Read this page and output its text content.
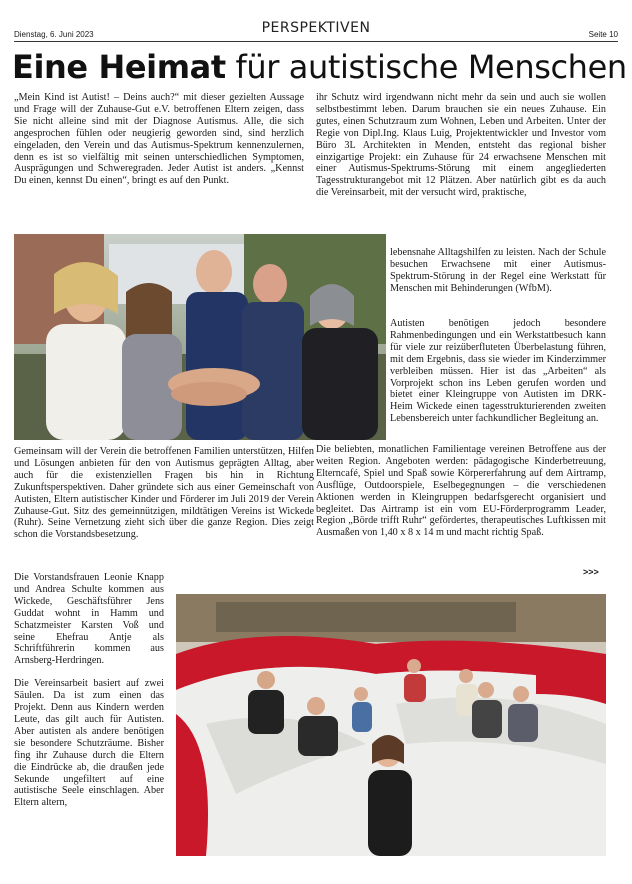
Dienstag, 6. Juni 2023	PERSPEKTIVEN	Seite 10
Eine Heimat für autistische Menschen
„Mein Kind ist Autist! – Deins auch?“ mit dieser gezielten Aussage und Frage will der Zuhause-Gut e.V. betroffenen Eltern zeigen, dass Sie nicht alleine sind mit der Diagnose Autismus. Alle, die sich angesprochen fühlen oder neugierig geworden sind, sind herzlich eingeladen, den Verein und das Autismus-Spektrum kennenzulernen, denn es ist so vielfältig mit seinen unterschiedlichen Symptomen, Ausprägungen und Schweregraden. Jeder Autist ist anders. „Kennst Du einen, kennst Du einen“, bringt es auf den Punkt.
ihr Schutz wird irgendwann nicht mehr da sein und auch sie wollen selbstbestimmt leben. Darum brauchen sie ein neues Zuhause. Ein gutes, einen Schutzraum zum Wohnen, Leben und Arbeiten. Unter der Regie von Dipl.Ing. Klaus Luig, Projektentwickler und Investor vom Büro 3L Architekten in Menden, entsteht das regional bisher einzigartige Projekt: ein Zuhause für 24 erwachsene Menschen mit einer Autismus-Spektrums-Störung mit einem angegliederten Tagesstrukturangebot mit 12 Plätzen. Aber natürlich gibt es da auch die Vereinsarbeit, mit der versucht wird, praktische,
lebensnahe Alltagshilfen zu leisten. Nach der Schule besuchen Erwachsene mit einer Autismus-Spektrum-Störung in der Regel eine Werkstatt für Menschen mit Behinderungen (WfbM).
Autisten benötigen jedoch besondere Rahmenbedingungen und ein Werkstattbesuch kann für viele zur reizüberfluteten Überbelastung führen, mit dem Ergebnis, dass sie wieder im Kinderzimmer verbleiben müssen. Hier ist das „Arbeiten“ als Vorprojekt schon ins Leben gerufen worden und bietet einer Kleingruppe von Autisten im DRK-Heim Wickede einen tagesstrukturierenden zweiten Lebensbereich unter fachkundlicher Begleitung an.
Die beliebten, monatlichen Familientage vereinen Betroffene aus der weiten Region. Angeboten werden: pädagogische Kinderbetreuung, Elterncafé, Spiel und Spaß sowie Körpererfahrung auf dem Airtramp, Ausflüge, Outdoorspiele, Eselbegegnungen – die verschiedenen Aktionen werden in Kleingruppen bedarfsgerecht organisiert und begleitet. Das Airtramp ist ein vom EU-Förderprogramm Leader, Region „Börde trifft Ruhr“ gefördertes, therapeutisches Luftkissen mit Ausmaßen von 1,40 x 8 x 14 m und macht richtig Spaß.
Gemeinsam will der Verein die betroffenen Familien unterstützen, Hilfen und Lösungen anbieten für den von Autismus geprägten Alltag, aber auch für die existenziellen Fragen bis hin in Richtung Zukunftsperspektiven. Daher gründete sich aus einer Gemeinschaft von Autisten, Eltern autistischer Kinder und Förderer im Juli 2019 der Verein Zuhause-Gut. Sitz des gemeinnützigen, mildtätigen Vereins ist Wickede (Ruhr). Seine Vernetzung zieht sich über die ganze Region. Dies zeigt schon die Vorstandsbesetzung.

Die Vorstandsfrauen Leonie Knapp und Andrea Schulte kommen aus Wickede, Geschäftsführer Jens Guddat wohnt in Hamm und Schatzmeister Karsten Voß und seine Ehefrau Antje als Schriftführerin kommen aus Arnsberg-Herdringen.

Die Vereinsarbeit basiert auf zwei Säulen. Da ist zum einen das Projekt. Denn aus Kindern werden Leute, das gilt auch für Autisten. Aber autisten als andere benötigen sie besondere Schutzräume. Bisher fing ihr Zuhause durch die Eltern die Eindrücke ab, die draußen jede Sekunde ungefiltert auf eine autistische Seele einschlagen. Aber Eltern altern,

>>>
